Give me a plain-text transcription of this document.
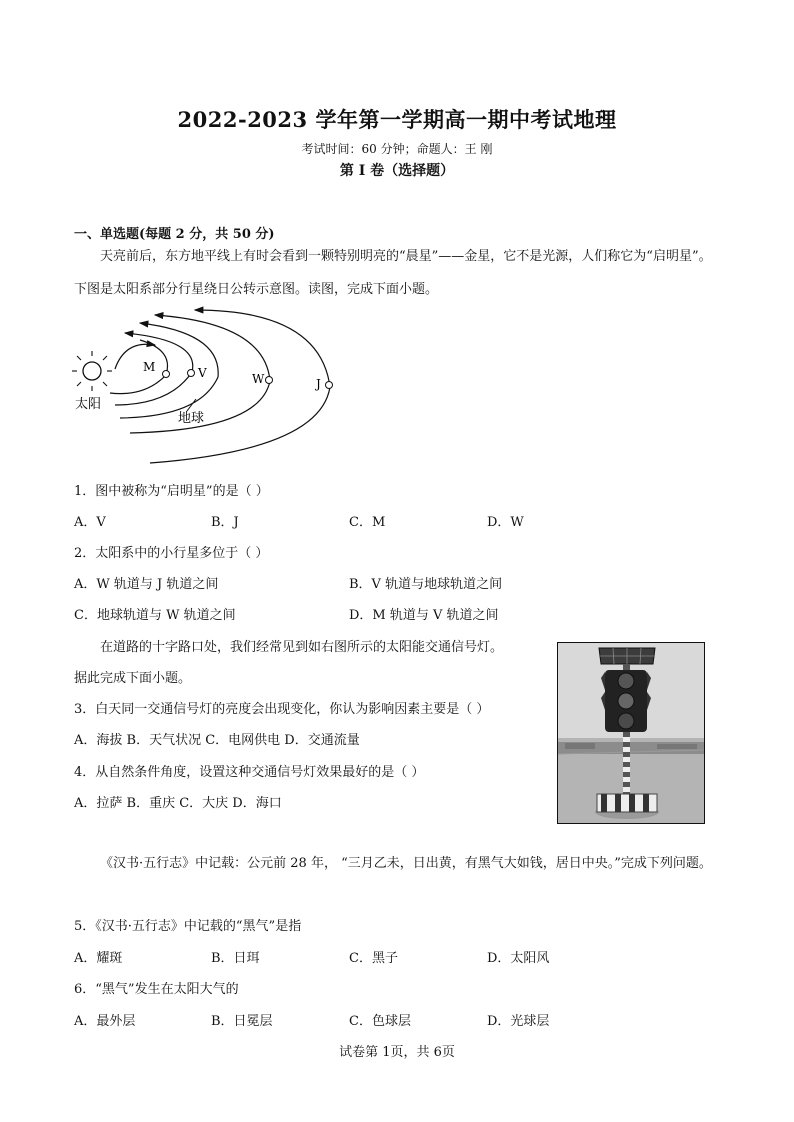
2022-2023 学年第一学期高一期中考试地理
考试时间：60 分钟；命题人：王 刚
第 I 卷（选择题）
一、单选题(每题 2 分，共 50 分)
天亮前后，东方地平线上有时会看到一颗特别明亮的“晨星”——金星，它不是光源，人们称它为“启明星”。下图是太阳系部分行星绕日公转示意图。读图，完成下面小题。
太阳
M	V	W	J
地球
1．图中被称为“启明星”的是（ ）
A．V	B．J	C．M	D．W
2．太阳系中的小行星多位于（ ）
A．W 轨道与 J 轨道之间	B．V 轨道与地球轨道之间
C．地球轨道与 W 轨道之间	D．M 轨道与 V 轨道之间
在道路的十字路口处，我们经常见到如右图所示的太阳能交通信号灯。
据此完成下面小题。
3．白天同一交通信号灯的亮度会出现变化，你认为影响因素主要是（ ）
A．海拔 B．天气状况 C．电网供电 D．交通流量
4．从自然条件角度，设置这种交通信号灯效果最好的是（ ）
A．拉萨 B．重庆 C．大庆 D．海口
《汉书·五行志》中记载：公元前 28 年， “三月乙未，日出黄，有黑气大如钱，居日中央。”完成下列问题。
5．《汉书·五行志》中记载的“黑气”是指
A．耀斑	B．日珥	C．黑子	D．太阳风
6．“黑气”发生在太阳大气的
A．最外层	B．日冕层	C．色球层	D．光球层
试卷第 1页，共 6页
